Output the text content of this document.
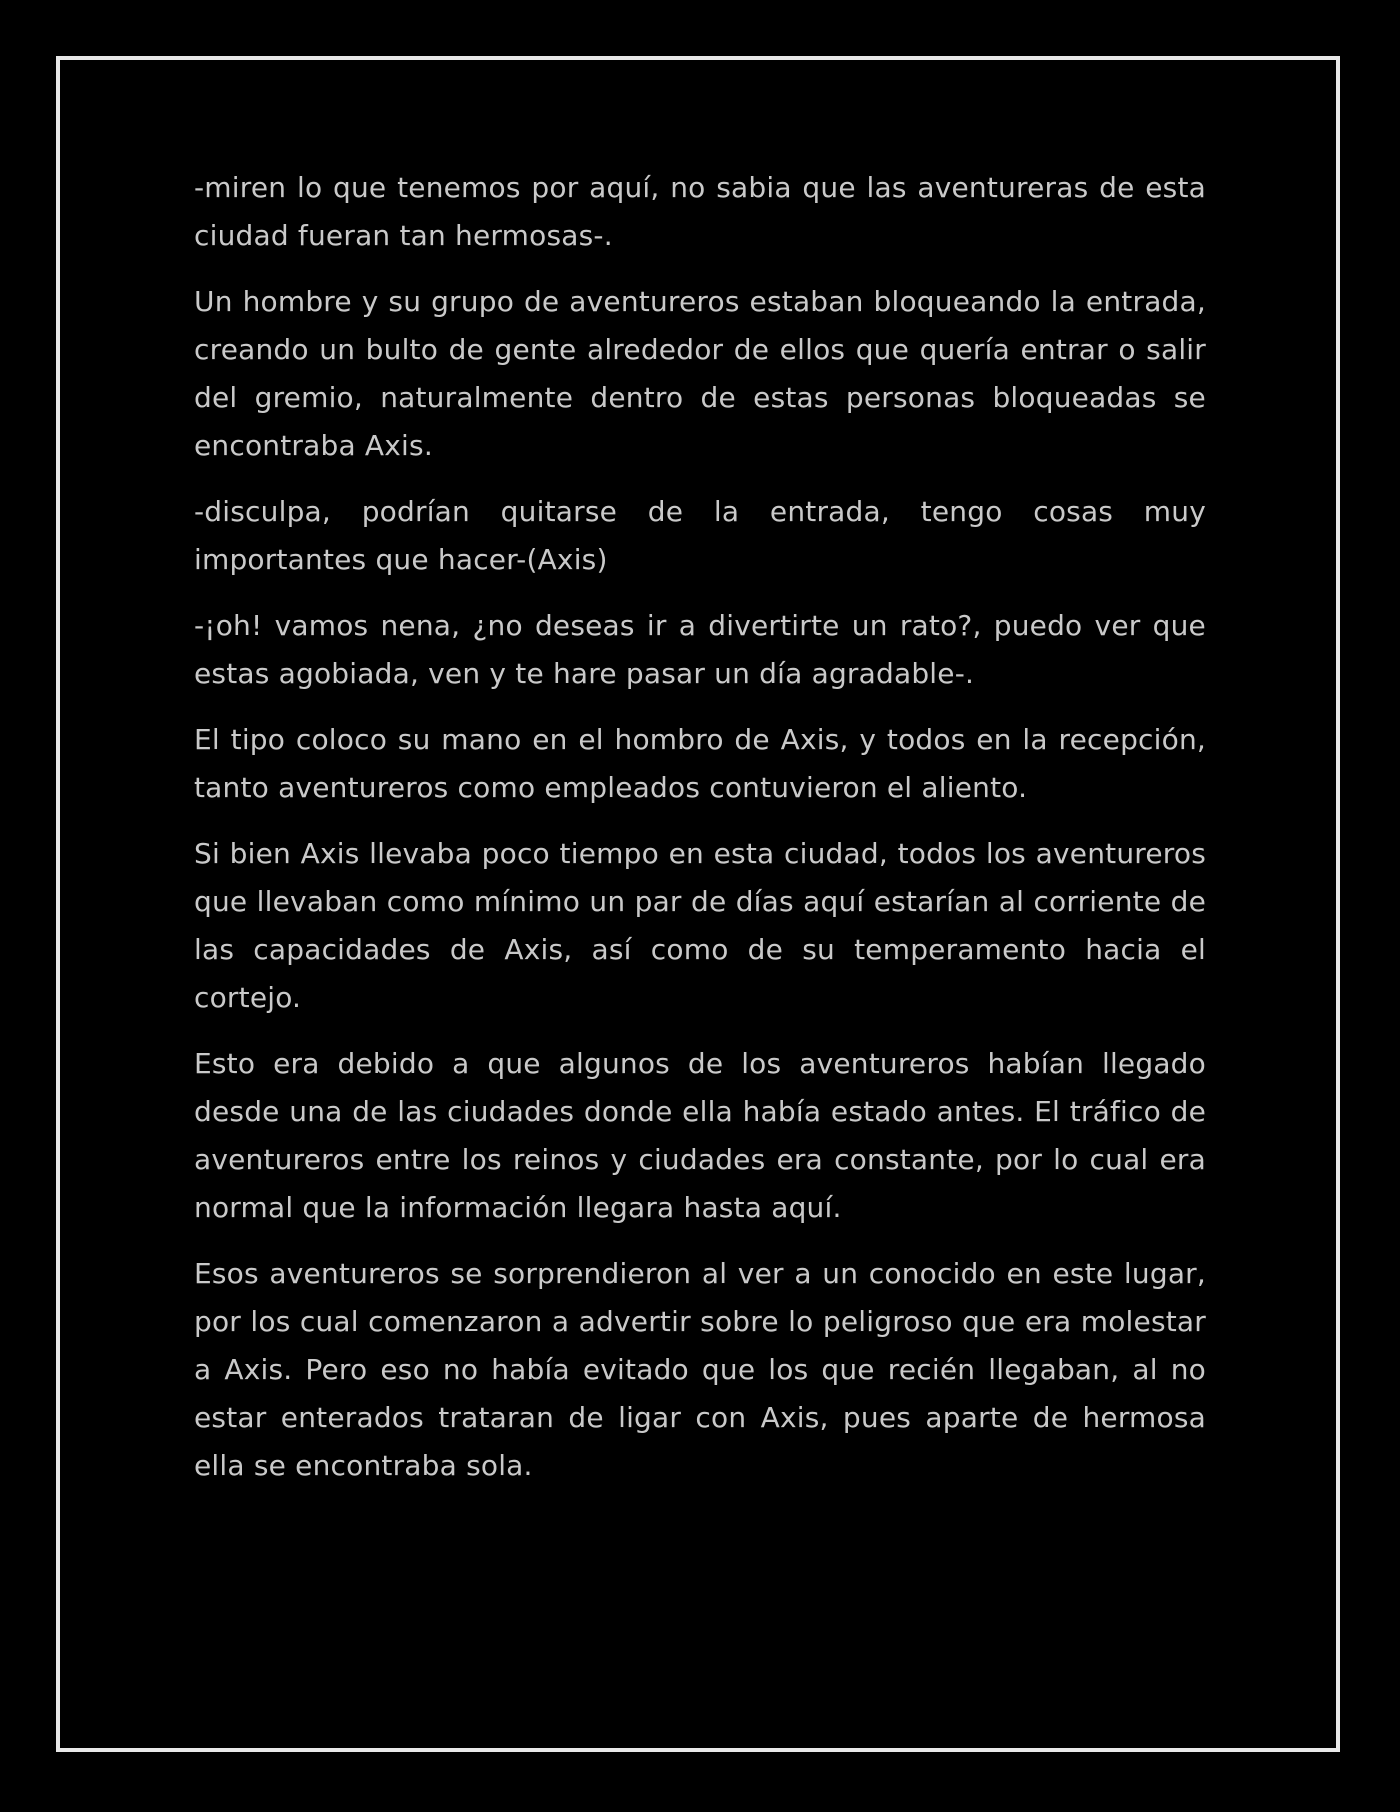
-miren lo que tenemos por aquí, no sabia que las aventureras de esta ciudad fueran tan hermosas-.

Un hombre y su grupo de aventureros estaban bloqueando la entrada, creando un bulto de gente alrededor de ellos que quería entrar o salir del gremio, naturalmente dentro de estas personas bloqueadas se encontraba Axis.

-disculpa, podrían quitarse de la entrada, tengo cosas muy importantes que hacer-(Axis)

-¡oh! vamos nena, ¿no deseas ir a divertirte un rato?, puedo ver que estas agobiada, ven y te hare pasar un día agradable-.

El tipo coloco su mano en el hombro de Axis, y todos en la recepción, tanto aventureros como empleados contuvieron el aliento.

Si bien Axis llevaba poco tiempo en esta ciudad, todos los aventureros que llevaban como mínimo un par de días aquí estarían al corriente de las capacidades de Axis, así como de su temperamento hacia el cortejo.

Esto era debido a que algunos de los aventureros habían llegado desde una de las ciudades donde ella había estado antes. El tráfico de aventureros entre los reinos y ciudades era constante, por lo cual era normal que la información llegara hasta aquí.

Esos aventureros se sorprendieron al ver a un conocido en este lugar, por los cual comenzaron a advertir sobre lo peligroso que era molestar a Axis. Pero eso no había evitado que los que recién llegaban, al no estar enterados trataran de ligar con Axis, pues aparte de hermosa ella se encontraba sola.
